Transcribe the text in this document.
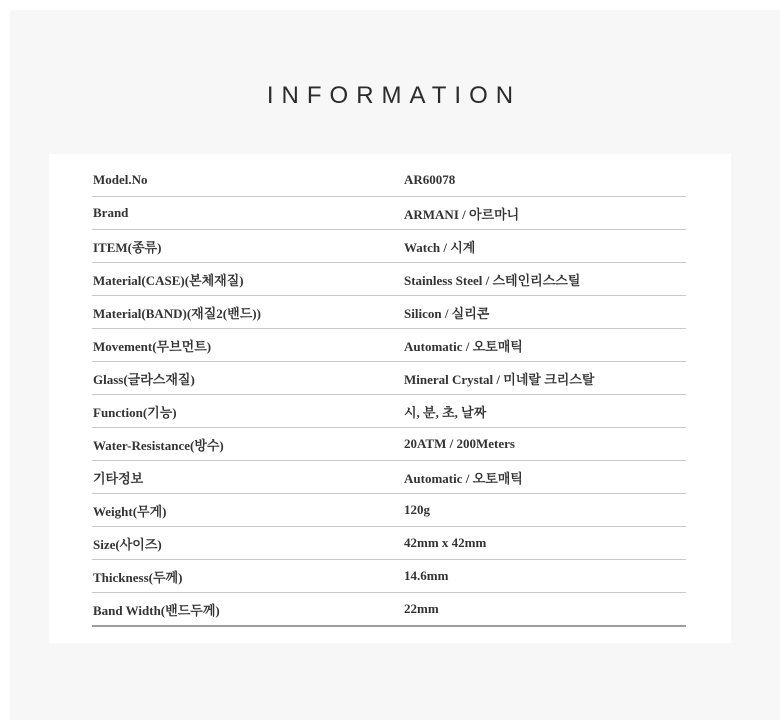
INFORMATION
Model.No	AR60078
Brand	ARMANI / 아르마니
ITEM(종류)	Watch / 시계
Material(CASE)(본체재질)	Stainless Steel / 스테인리스스틸
Material(BAND)(재질2(밴드))	Silicon / 실리콘
Movement(무브먼트)	Automatic / 오토매틱
Glass(글라스재질)	Mineral Crystal / 미네랄 크리스탈
Function(기능)	시, 분, 초, 날짜
Water-Resistance(방수)	20ATM / 200Meters
기타정보	Automatic / 오토매틱
Weight(무게)	120g
Size(사이즈)	42mm x 42mm
Thickness(두께)	14.6mm
Band Width(밴드두께)	22mm
